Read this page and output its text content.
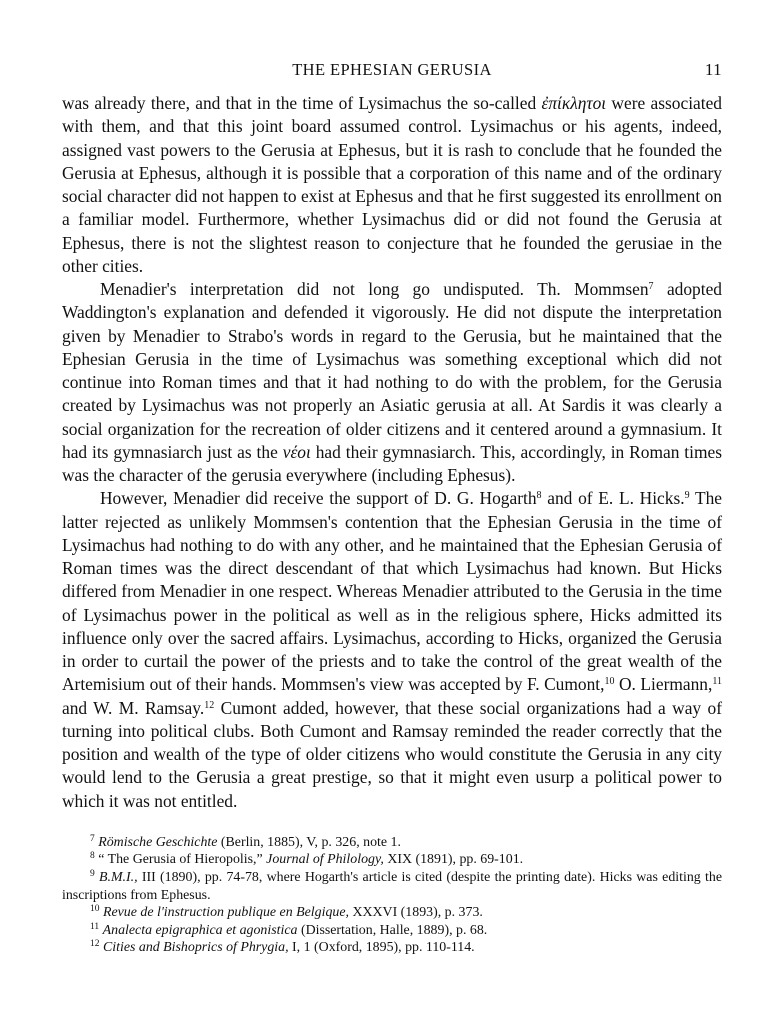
THE EPHESIAN GERUSIA	11

was already there, and that in the time of Lysimachus the so-called ἐπίκλητοι were associated with them, and that this joint board assumed control. Lysimachus or his agents, indeed, assigned vast powers to the Gerusia at Ephesus, but it is rash to conclude that he founded the Gerusia at Ephesus, although it is possible that a corporation of this name and of the ordinary social character did not happen to exist at Ephesus and that he first suggested its enrollment on a familiar model. Furthermore, whether Lysimachus did or did not found the Gerusia at Ephesus, there is not the slightest reason to conjecture that he founded the gerusiae in the other cities.

Menadier's interpretation did not long go undisputed. Th. Mommsen$^7$ adopted Waddington's explanation and defended it vigorously. He did not dispute the interpretation given by Menadier to Strabo's words in regard to the Gerusia, but he maintained that the Ephesian Gerusia in the time of Lysimachus was something exceptional which did not continue into Roman times and that it had nothing to do with the problem, for the Gerusia created by Lysimachus was not properly an Asiatic gerusia at all. At Sardis it was clearly a social organization for the recreation of older citizens and it centered around a gymnasium. It had its gymnasiarch just as the νέοι had their gymnasiarch. This, accordingly, in Roman times was the character of the gerusia everywhere (including Ephesus).

However, Menadier did receive the support of D. G. Hogarth$^8$ and of E. L. Hicks.$^9$ The latter rejected as unlikely Mommsen's contention that the Ephesian Gerusia in the time of Lysimachus had nothing to do with any other, and he maintained that the Ephesian Gerusia of Roman times was the direct descendant of that which Lysimachus had known. But Hicks differed from Menadier in one respect. Whereas Menadier attributed to the Gerusia in the time of Lysimachus power in the political as well as in the religious sphere, Hicks admitted its influence only over the sacred affairs. Lysimachus, according to Hicks, organized the Gerusia in order to curtail the power of the priests and to take the control of the great wealth of the Artemisium out of their hands. Mommsen's view was accepted by F. Cumont,$^{10}$ O. Liermann,$^{11}$ and W. M. Ramsay.$^{12}$ Cumont added, however, that these social organizations had a way of turning into political clubs. Both Cumont and Ramsay reminded the reader correctly that the position and wealth of the type of older citizens who would constitute the Gerusia in any city would lend to the Gerusia a great prestige, so that it might even usurp a political power to which it was not entitled.

$^7$ Römische Geschichte (Berlin, 1885), V, p. 326, note 1.

$^8$ “ The Gerusia of Hieropolis,” Journal of Philology, XIX (1891), pp. 69-101.

$^9$ B.M.I., III (1890), pp. 74-78, where Hogarth's article is cited (despite the printing date). Hicks was editing the inscriptions from Ephesus.

$^{10}$ Revue de l'instruction publique en Belgique, XXXVI (1893), p. 373.

$^{11}$ Analecta epigraphica et agonistica (Dissertation, Halle, 1889), p. 68.

$^{12}$ Cities and Bishoprics of Phrygia, I, 1 (Oxford, 1895), pp. 110-114.
